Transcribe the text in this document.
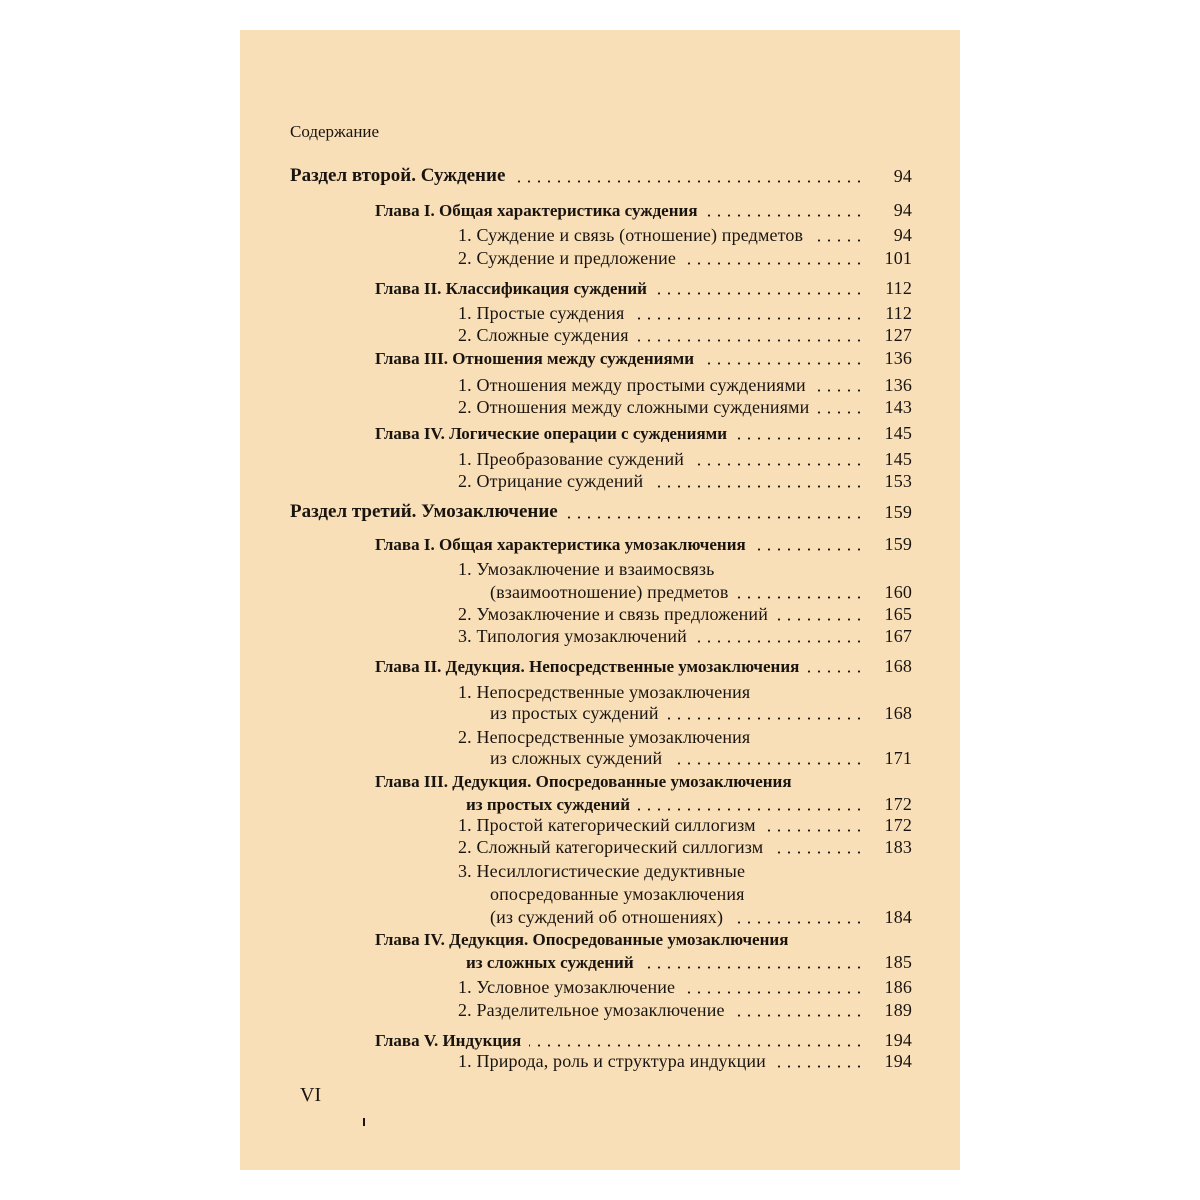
Содержание
Раздел второй. Суждение	94
Глава I. Общая характеристика суждения	94
1. Суждение и связь (отношение) предметов	94
2. Суждение и предложение	101
Глава II. Классификация суждений	112
1. Простые суждения	112
2. Сложные суждения	127
Глава III. Отношения между суждениями	136
1. Отношения между простыми суждениями	136
2. Отношения между сложными суждениями	143
Глава IV. Логические операции с суждениями	145
1. Преобразование суждений	145
2. Отрицание суждений	153
Раздел третий. Умозаключение	159
Глава I. Общая характеристика умозаключения	159
1. Умозаключение и взаимосвязь
(взаимоотношение) предметов	160
2. Умозаключение и связь предложений	165
3. Типология умозаключений	167
Глава II. Дедукция. Непосредственные умозаключения	168
1. Непосредственные умозаключения
из простых суждений	168
2. Непосредственные умозаключения
из сложных суждений	171
Глава III. Дедукция. Опосредованные умозаключения
из простых суждений	172
1. Простой категорический силлогизм	172
2. Сложный категорический силлогизм	183
3. Несиллогистические дедуктивные
опосредованные умозаключения
(из суждений об отношениях)	184
Глава IV. Дедукция. Опосредованные умозаключения
из сложных суждений	185
1. Условное умозаключение	186
2. Разделительное умозаключение	189
Глава V. Индукция	194
1. Природа, роль и структура индукции	194
VI
